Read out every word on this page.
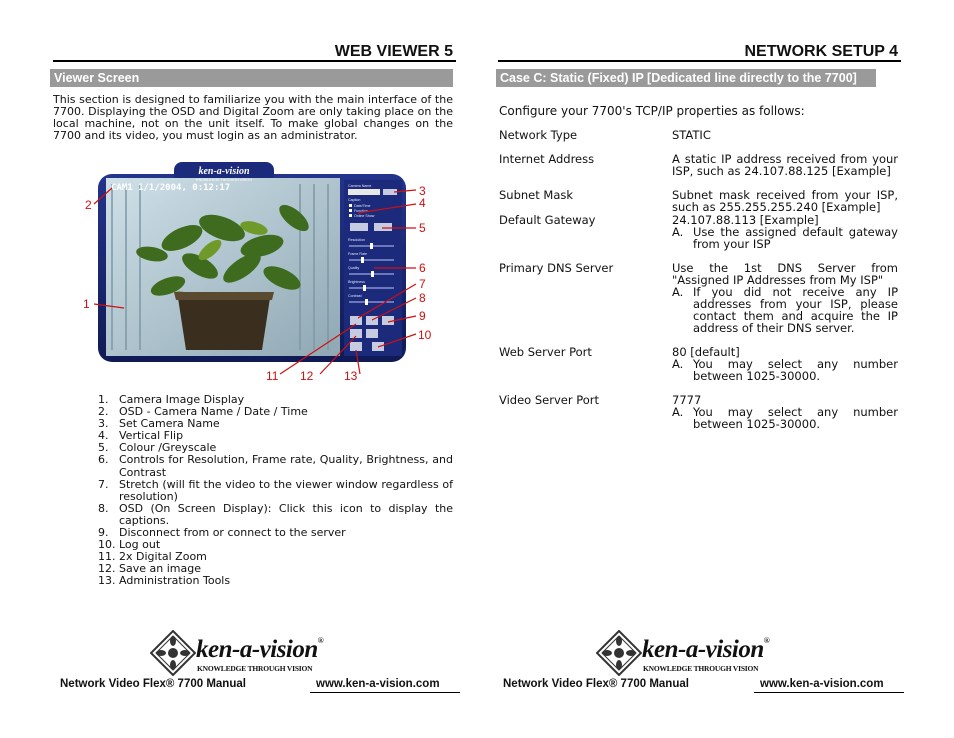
WEB VIEWER 5
Viewer Screen
This section is designed to familiarize you with the main interface of the 7700. Displaying the OSD and Digital Zoom are only taking place on the local machine, not on the unit itself. To make global changes on the 7700 and its video, you must login as an administrator.
CAM1 1/1/2004, 0:12:17
ken-a-vision
KNOWLEDGE THROUGH VISION
Camera Name
Caption
Date/Time
Function
Online Show
Resolution
Frame Rate
Quality
Brightness
Contrast
1
2
3
4
5
6
7
8
9
10
11 12	13
1. Camera Image Display
2. OSD - Camera Name / Date / Time
3. Set Camera Name
4. Vertical Flip
5. Colour /Greyscale
6. Controls for Resolution, Frame rate, Quality, Brightness, and Contrast
7. Stretch (will fit the video to the viewer window regardless of resolution)
8. OSD (On Screen Display): Click this icon to display the captions.
9. Disconnect from or connect to the server
10. Log out
11. 2x Digital Zoom
12. Save an image
13. Administration Tools
ken-a-vision®
KNOWLEDGE THROUGH VISION
Network Video Flex® 7700 Manual	www.ken-a-vision.com
NETWORK SETUP 4
Case C: Static (Fixed) IP [Dedicated line directly to the 7700]
Configure your 7700's TCP/IP properties as follows:
Network Type	STATIC
Internet Address	A static IP address received from your ISP, such as 24.107.88.125 [Example]
Subnet Mask	Subnet mask received from your ISP, such as 255.255.255.240 [Example]
Default Gateway	24.107.88.113 [Example]
A. Use the assigned default gateway from your ISP
Primary DNS Server	Use the 1st DNS Server from "Assigned IP Addresses from My ISP"
A. If you did not receive any IP addresses from your ISP, please contact them and acquire the IP address of their DNS server.
Web Server Port	80 [default]
A. You may select any number between 1025-30000.
Video Server Port	7777
A. You may select any number between 1025-30000.
ken-a-vision®
KNOWLEDGE THROUGH VISION
Network Video Flex® 7700 Manual	www.ken-a-vision.com
